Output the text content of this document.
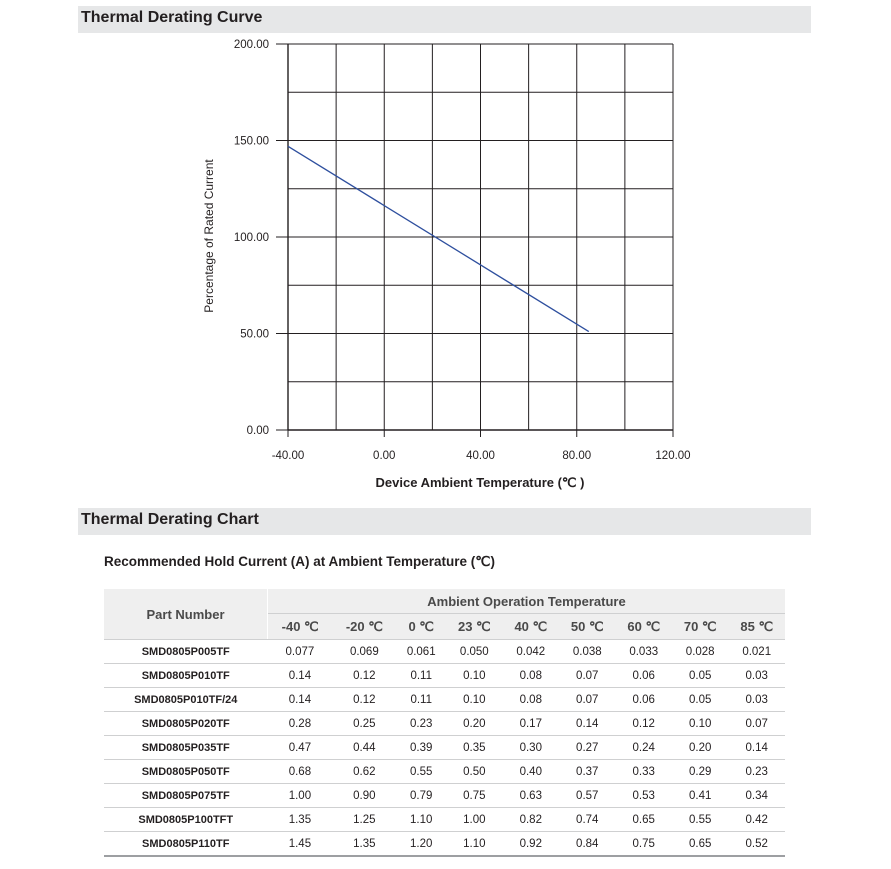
Thermal Derating Curve
0.00
50.00
100.00
150.00
200.00
-40.00	0.00	40.00	80.00	120.00
Device Ambient Temperature (℃ )
Percentage of Rated Current
Thermal Derating Chart
Recommended Hold Current (A) at Ambient Temperature (℃)
Part Number	Ambient Operation Temperature								
	-40 ℃	-20 ℃	0 ℃	23 ℃	40 ℃	50 ℃	60 ℃	70 ℃	85 ℃
SMD0805P005TF	0.077	0.069	0.061	0.050	0.042	0.038	0.033	0.028	0.021
SMD0805P010TF	0.14	0.12	0.11	0.10	0.08	0.07	0.06	0.05	0.03
SMD0805P010TF/24	0.14	0.12	0.11	0.10	0.08	0.07	0.06	0.05	0.03
SMD0805P020TF	0.28	0.25	0.23	0.20	0.17	0.14	0.12	0.10	0.07
SMD0805P035TF	0.47	0.44	0.39	0.35	0.30	0.27	0.24	0.20	0.14
SMD0805P050TF	0.68	0.62	0.55	0.50	0.40	0.37	0.33	0.29	0.23
SMD0805P075TF	1.00	0.90	0.79	0.75	0.63	0.57	0.53	0.41	0.34
SMD0805P100TFT	1.35	1.25	1.10	1.00	0.82	0.74	0.65	0.55	0.42
SMD0805P110TF	1.45	1.35	1.20	1.10	0.92	0.84	0.75	0.65	0.52
